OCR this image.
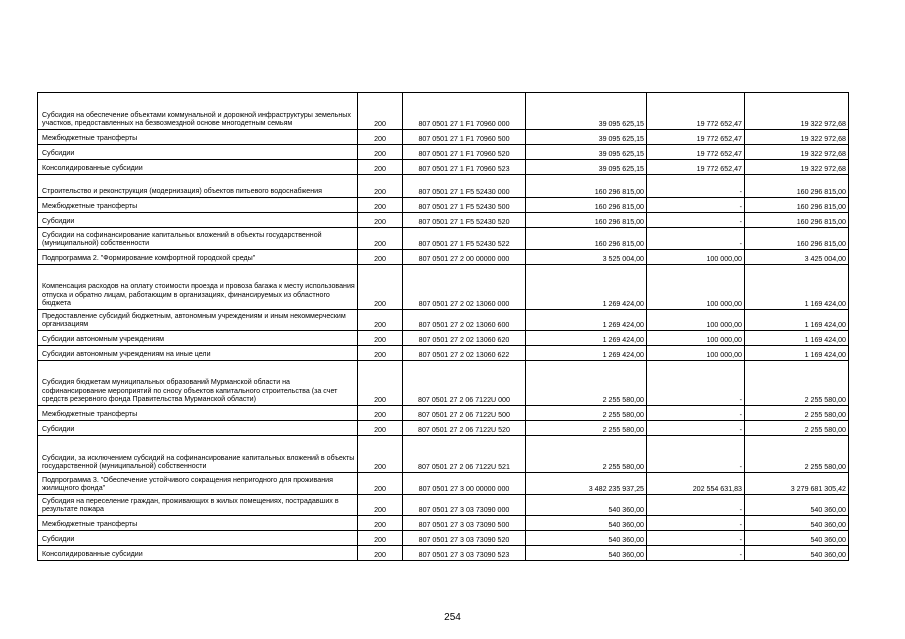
Субсидия на обеспечение объектами коммунальной и дорожной инфраструктуры земельных участков, предоставленных на безвозмездной основе многодетным семьям	200	807 0501 27 1 F1 70960 000	39 095 625,15	19 772 652,47	19 322 972,68
Межбюджетные трансферты	200	807 0501 27 1 F1 70960 500	39 095 625,15	19 772 652,47	19 322 972,68
Субсидии	200	807 0501 27 1 F1 70960 520	39 095 625,15	19 772 652,47	19 322 972,68
Консолидированные субсидии	200	807 0501 27 1 F1 70960 523	39 095 625,15	19 772 652,47	19 322 972,68
Строительство и реконструкция (модернизация) объектов питьевого водоснабжения	200	807 0501 27 1 F5 52430 000	160 296 815,00	-	160 296 815,00
Межбюджетные трансферты	200	807 0501 27 1 F5 52430 500	160 296 815,00	-	160 296 815,00
Субсидии	200	807 0501 27 1 F5 52430 520	160 296 815,00	-	160 296 815,00
Субсидии на софинансирование капитальных вложений в объекты государственной (муниципальной) собственности	200	807 0501 27 1 F5 52430 522	160 296 815,00	-	160 296 815,00
Подпрограмма 2. "Формирование комфортной городской среды"	200	807 0501 27 2 00 00000 000	3 525 004,00	100 000,00	3 425 004,00
Компенсация расходов на оплату стоимости проезда и провоза багажа к месту использования отпуска и обратно лицам, работающим в организациях, финансируемых из областного бюджета	200	807 0501 27 2 02 13060 000	1 269 424,00	100 000,00	1 169 424,00
Предоставление субсидий бюджетным, автономным учреждениям и иным некоммерческим организациям	200	807 0501 27 2 02 13060 600	1 269 424,00	100 000,00	1 169 424,00
Субсидии автономным учреждениям	200	807 0501 27 2 02 13060 620	1 269 424,00	100 000,00	1 169 424,00
Субсидии автономным учреждениям на иные цели	200	807 0501 27 2 02 13060 622	1 269 424,00	100 000,00	1 169 424,00
Субсидия бюджетам муниципальных образований Мурманской области на софинансирование мероприятий по сносу объектов капитального строительства (за счет средств резервного фонда Правительства Мурманской области)	200	807 0501 27 2 06 7122U 000	2 255 580,00	-	2 255 580,00
Межбюджетные трансферты	200	807 0501 27 2 06 7122U 500	2 255 580,00	-	2 255 580,00
Субсидии	200	807 0501 27 2 06 7122U 520	2 255 580,00	-	2 255 580,00
Субсидии, за исключением субсидий на софинансирование капитальных вложений в объекты государственной (муниципальной) собственности	200	807 0501 27 2 06 7122U 521	2 255 580,00	-	2 255 580,00
Подпрограмма 3. "Обеспечение устойчивого сокращения непригодного для проживания жилищного фонда"	200	807 0501 27 3 00 00000 000	3 482 235 937,25	202 554 631,83	3 279 681 305,42
Субсидия на переселение граждан, проживающих в жилых помещениях, пострадавших в результате пожара	200	807 0501 27 3 03 73090 000	540 360,00	-	540 360,00
Межбюджетные трансферты	200	807 0501 27 3 03 73090 500	540 360,00	-	540 360,00
Субсидии	200	807 0501 27 3 03 73090 520	540 360,00	-	540 360,00
Консолидированные субсидии	200	807 0501 27 3 03 73090 523	540 360,00	-	540 360,00
254
